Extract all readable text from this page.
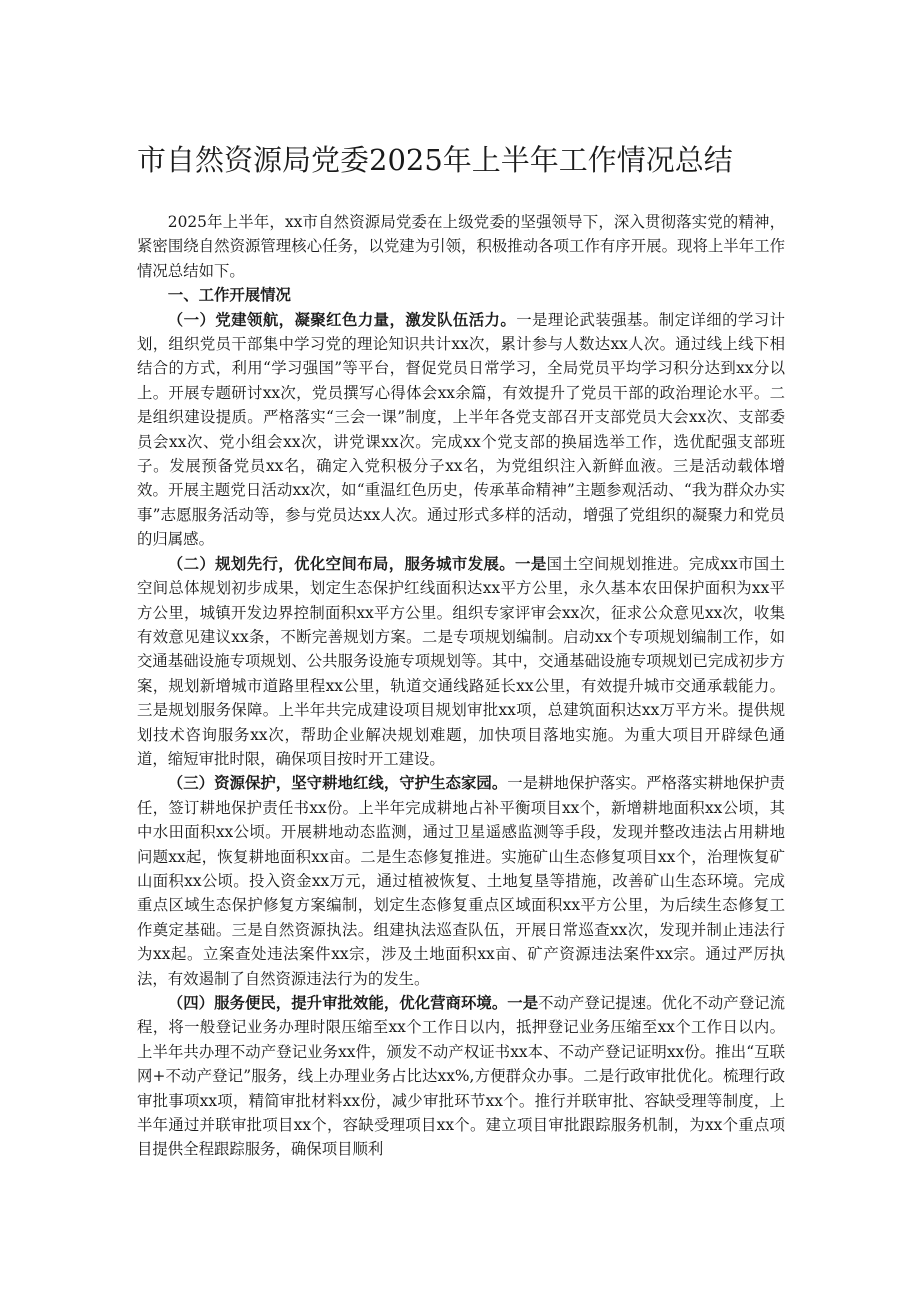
市自然资源局党委2025年上半年工作情况总结

2025年上半年，xx市自然资源局党委在上级党委的坚强领导下，深入贯彻落实党的精神，紧密围绕自然资源管理核心任务，以党建为引领，积极推动各项工作有序开展。现将上半年工作情况总结如下。

一、工作开展情况

（一）党建领航，凝聚红色力量，激发队伍活力。一是理论武装强基。制定详细的学习计划，组织党员干部集中学习党的理论知识共计xx次，累计参与人数达xx人次。通过线上线下相结合的方式，利用“学习强国”等平台，督促党员日常学习，全局党员平均学习积分达到xx分以上。开展专题研讨xx次，党员撰写心得体会xx余篇，有效提升了党员干部的政治理论水平。二是组织建设提质。严格落实“三会一课”制度，上半年各党支部召开支部党员大会xx次、支部委员会xx次、党小组会xx次，讲党课xx次。完成xx个党支部的换届选举工作，选优配强支部班子。发展预备党员xx名，确定入党积极分子xx名，为党组织注入新鲜血液。三是活动载体增效。开展主题党日活动xx次，如“重温红色历史，传承革命精神”主题参观活动、“我为群众办实事”志愿服务活动等，参与党员达xx人次。通过形式多样的活动，增强了党组织的凝聚力和党员的归属感。

（二）规划先行，优化空间布局，服务城市发展。一是国土空间规划推进。完成xx市国土空间总体规划初步成果，划定生态保护红线面积达xx平方公里，永久基本农田保护面积为xx平方公里，城镇开发边界控制面积xx平方公里。组织专家评审会xx次，征求公众意见xx次，收集有效意见建议xx条，不断完善规划方案。二是专项规划编制。启动xx个专项规划编制工作，如交通基础设施专项规划、公共服务设施专项规划等。其中，交通基础设施专项规划已完成初步方案，规划新增城市道路里程xx公里，轨道交通线路延长xx公里，有效提升城市交通承载能力。三是规划服务保障。上半年共完成建设项目规划审批xx项，总建筑面积达xx万平方米。提供规划技术咨询服务xx次，帮助企业解决规划难题，加快项目落地实施。为重大项目开辟绿色通道，缩短审批时限，确保项目按时开工建设。

（三）资源保护，坚守耕地红线，守护生态家园。一是耕地保护落实。严格落实耕地保护责任，签订耕地保护责任书xx份。上半年完成耕地占补平衡项目xx个，新增耕地面积xx公顷，其中水田面积xx公顷。开展耕地动态监测，通过卫星遥感监测等手段，发现并整改违法占用耕地问题xx起，恢复耕地面积xx亩。二是生态修复推进。实施矿山生态修复项目xx个，治理恢复矿山面积xx公顷。投入资金xx万元，通过植被恢复、土地复垦等措施，改善矿山生态环境。完成重点区域生态保护修复方案编制，划定生态修复重点区域面积xx平方公里，为后续生态修复工作奠定基础。三是自然资源执法。组建执法巡查队伍，开展日常巡查xx次，发现并制止违法行为xx起。立案查处违法案件xx宗，涉及土地面积xx亩、矿产资源违法案件xx宗。通过严厉执法，有效遏制了自然资源违法行为的发生。

（四）服务便民，提升审批效能，优化营商环境。一是不动产登记提速。优化不动产登记流程，将一般登记业务办理时限压缩至xx个工作日以内，抵押登记业务压缩至xx个工作日以内。上半年共办理不动产登记业务xx件，颁发不动产权证书xx本、不动产登记证明xx份。推出“互联网+不动产登记”服务，线上办理业务占比达xx%,方便群众办事。二是行政审批优化。梳理行政审批事项xx项，精简审批材料xx份，减少审批环节xx个。推行并联审批、容缺受理等制度，上半年通过并联审批项目xx个，容缺受理项目xx个。建立项目审批跟踪服务机制，为xx个重点项目提供全程跟踪服务，确保项目顺利
